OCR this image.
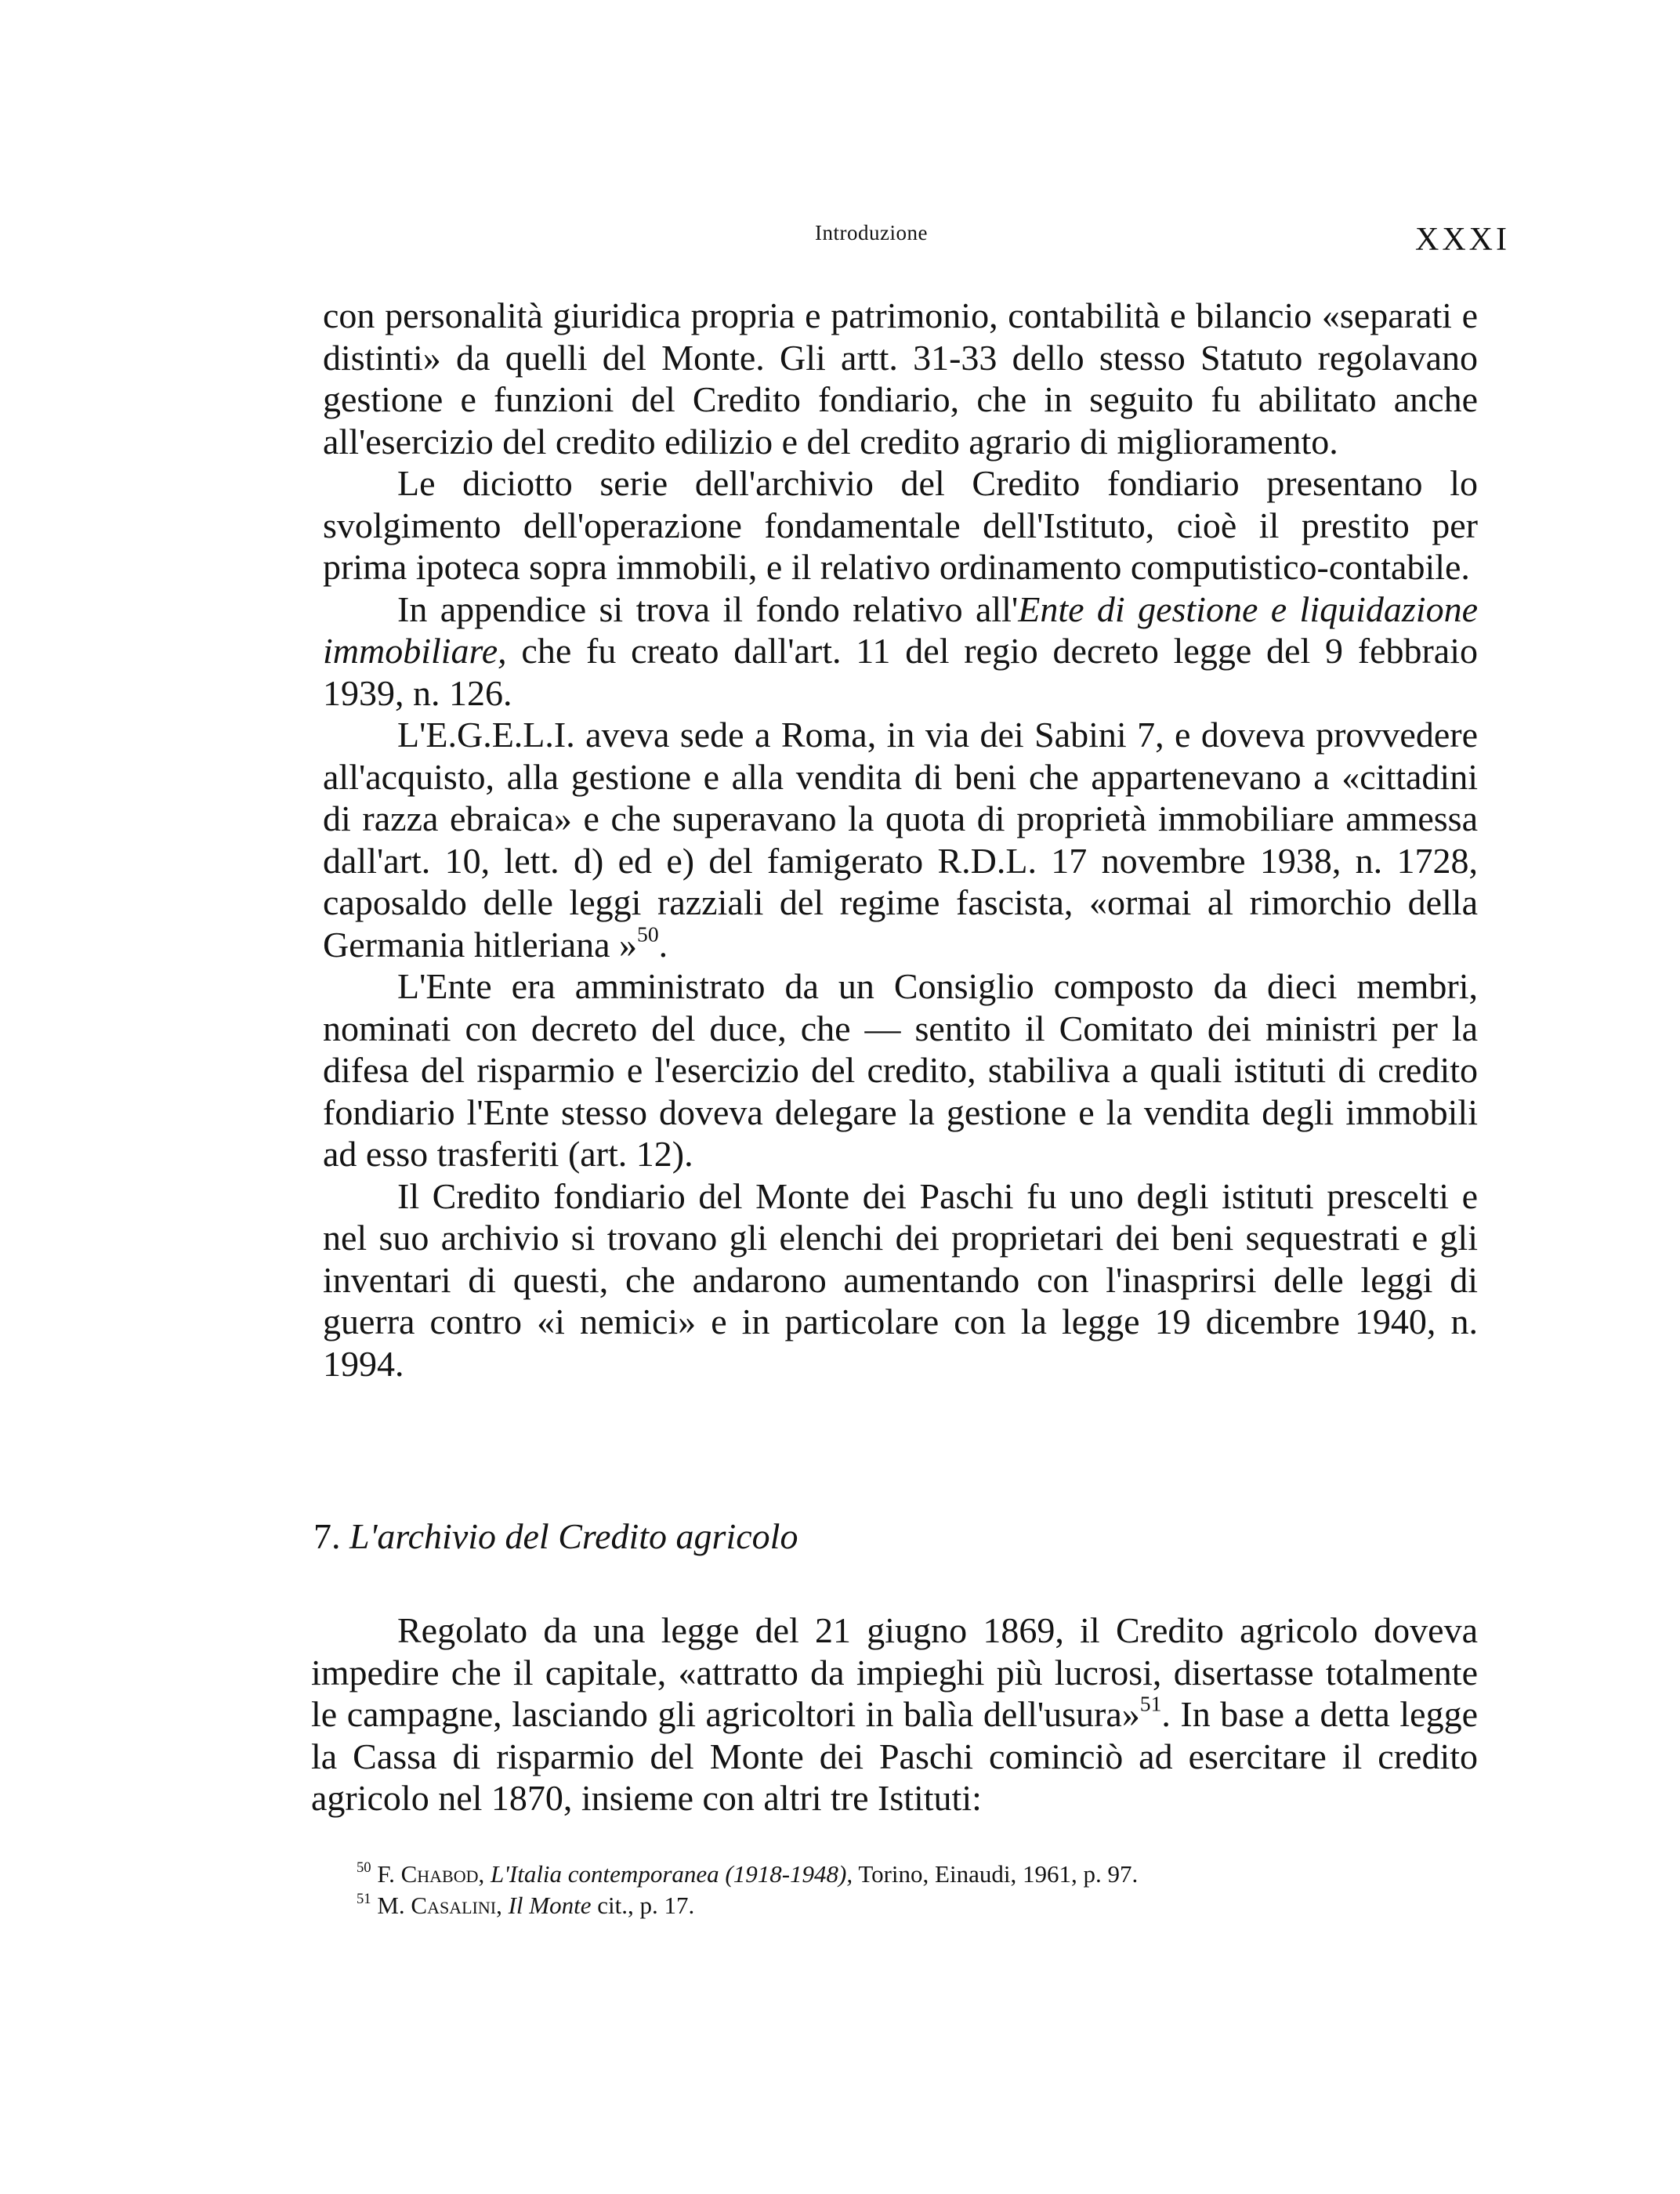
Introduzione	XXXI

con personalità giuridica propria e patrimonio, contabilità e bilancio «separati e distinti» da quelli del Monte. Gli artt. 31-33 dello stesso Statuto regolavano gestione e funzioni del Credito fondiario, che in seguito fu abilitato anche all'esercizio del credito edilizio e del credito agrario di miglioramento.

Le diciotto serie dell'archivio del Credito fondiario presentano lo svolgimento dell'operazione fondamentale dell'Istituto, cioè il prestito per prima ipoteca sopra immobili, e il relativo ordinamento computistico-contabile.

In appendice si trova il fondo relativo all'Ente di gestione e liquidazione immobiliare, che fu creato dall'art. 11 del regio decreto legge del 9 febbraio 1939, n. 126.

L'E.G.E.L.I. aveva sede a Roma, in via dei Sabini 7, e doveva provvedere all'acquisto, alla gestione e alla vendita di beni che appartenevano a «cittadini di razza ebraica» e che superavano la quota di proprietà immobiliare ammessa dall'art. 10, lett. d) ed e) del famigerato R.D.L. 17 novembre 1938, n. 1728, caposaldo delle leggi razziali del regime fascista, «ormai al rimorchio della Germania hitleriana »$^{50}$.

L'Ente era amministrato da un Consiglio composto da dieci membri, nominati con decreto del duce, che — sentito il Comitato dei ministri per la difesa del risparmio e l'esercizio del credito, stabiliva a quali istituti di credito fondiario l'Ente stesso doveva delegare la gestione e la vendita degli immobili ad esso trasferiti (art. 12).

Il Credito fondiario del Monte dei Paschi fu uno degli istituti prescelti e nel suo archivio si trovano gli elenchi dei proprietari dei beni sequestrati e gli inventari di questi, che andarono aumentando con l'inasprirsi delle leggi di guerra contro «i nemici» e in particolare con la legge 19 dicembre 1940, n. 1994.

7. L'archivio del Credito agricolo

Regolato da una legge del 21 giugno 1869, il Credito agricolo doveva impedire che il capitale, «attratto da impieghi più lucrosi, disertasse totalmente le campagne, lasciando gli agricoltori in balìa dell'usura»$^{51}$. In base a detta legge la Cassa di risparmio del Monte dei Paschi cominciò ad esercitare il credito agricolo nel 1870, insieme con altri tre Istituti:

$^{50}$ F. Chabod, L'Italia contemporanea (1918-1948), Torino, Einaudi, 1961, p. 97.

$^{51}$ M. Casalini, Il Monte cit., p. 17.
